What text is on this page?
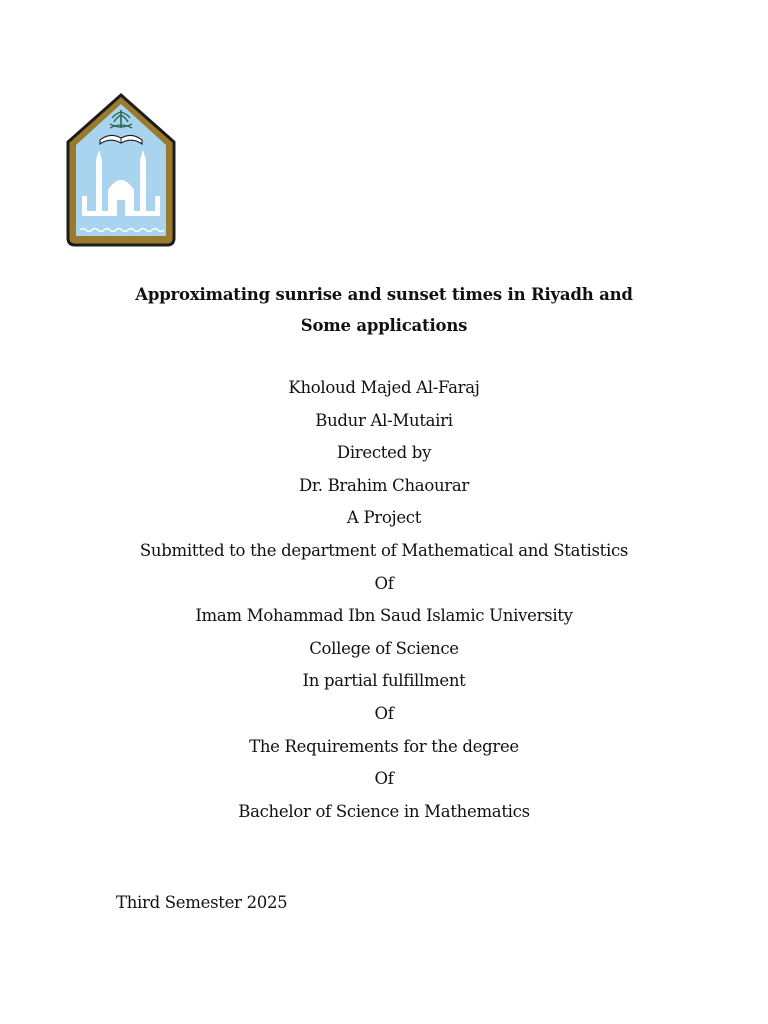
Approximating sunrise and sunset times in Riyadh and
Some applications
Kholoud Majed Al-Faraj
Budur Al-Mutairi
Directed by
Dr. Brahim Chaourar
A Project
Submitted to the department of Mathematical and Statistics
Of
Imam Mohammad Ibn Saud Islamic University
College of Science
In partial fulfillment
Of
The Requirements for the degree
Of
Bachelor of Science in Mathematics
Third Semester 2025
